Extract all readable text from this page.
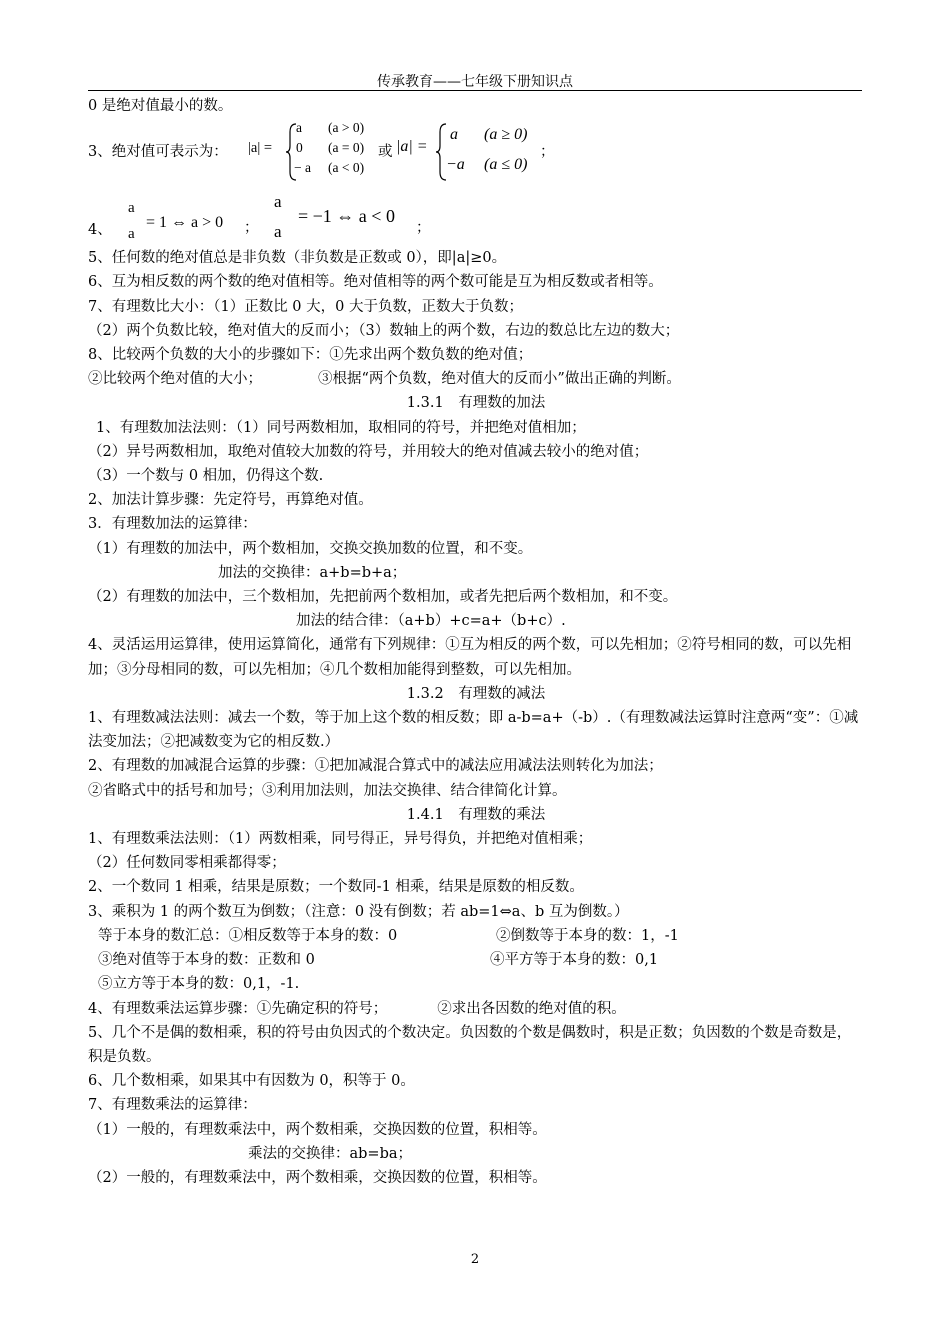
传承教育——七年级下册知识点
0 是绝对值最小的数。
3、绝对值可表示为： |a| =
a (a > 0)
0 (a = 0)
− a (a < 0)
或 |a| =
a (a ≥ 0)
−a (a ≤ 0)
；
4、
a
a
= 1 ⇔ a > 0 ；
a
a
= −1 ⇔ a < 0
；
5、任何数的绝对值总是非负数（非负数是正数或 0），即|a|≥0。
6、互为相反数的两个数的绝对值相等。绝对值相等的两个数可能是互为相反数或者相等。
7、有理数比大小：（1）正数比 0 大，0 大于负数，正数大于负数；
（2）两个负数比较，绝对值大的反而小；（3）数轴上的两个数，右边的数总比左边的数大；
8、比较两个负数的大小的步骤如下：①先求出两个数负数的绝对值；
②比较两个绝对值的大小；	③根据“两个负数，绝对值大的反而小”做出正确的判断。
1.3.1　有理数的加法
1、有理数加法法则：（1）同号两数相加，取相同的符号，并把绝对值相加；
（2）异号两数相加，取绝对值较大加数的符号，并用较大的绝对值减去较小的绝对值；
（3）一个数与 0 相加，仍得这个数.
2、加法计算步骤：先定符号，再算绝对值。
3．有理数加法的运算律：
（1）有理数的加法中，两个数相加，交换交换加数的位置，和不变。
加法的交换律：a+b=b+a；
（2）有理数的加法中，三个数相加，先把前两个数相加，或者先把后两个数相加，和不变。
加法的结合律：（a+b）+c=a+（b+c）.
4、灵活运用运算律，使用运算简化，通常有下列规律：①互为相反的两个数，可以先相加；②符号相同的数，可以先相加；③分母相同的数，可以先相加；④几个数相加能得到整数，可以先相加。
1.3.2　有理数的减法
1、有理数减法法则：减去一个数，等于加上这个数的相反数；即 a-b=a+（-b）.（有理数减法运算时注意两“变”：①减法变加法；②把减数变为它的相反数.）
2、有理数的加减混合运算的步骤：①把加减混合算式中的减法应用减法法则转化为加法；
②省略式中的括号和加号；③利用加法则，加法交换律、结合律简化计算。
1.4.1　有理数的乘法
1、有理数乘法法则：（1）两数相乘，同号得正，异号得负，并把绝对值相乘；
（2）任何数同零相乘都得零；
2、一个数同 1 相乘，结果是原数；一个数同-1 相乘，结果是原数的相反数。
3、乘积为 1 的两个数互为倒数；（注意：0 没有倒数；若 ab=1⇔a、b 互为倒数。）
等于本身的数汇总：①相反数等于本身的数：0	②倒数等于本身的数：1，-1
③绝对值等于本身的数：正数和 0	④平方等于本身的数：0,1
⑤立方等于本身的数：0,1，-1.
4、有理数乘法运算步骤：①先确定积的符号；	②求出各因数的绝对值的积。
5、几个不是偶的数相乘，积的符号由负因式的个数决定。负因数的个数是偶数时，积是正数；负因数的个数是奇数是，积是负数。
6、几个数相乘，如果其中有因数为 0，积等于 0。
7、有理数乘法的运算律：
（1）一般的，有理数乘法中，两个数相乘，交换因数的位置，积相等。
乘法的交换律：ab=ba；
（2）一般的，有理数乘法中，两个数相乘，交换因数的位置，积相等。
2
